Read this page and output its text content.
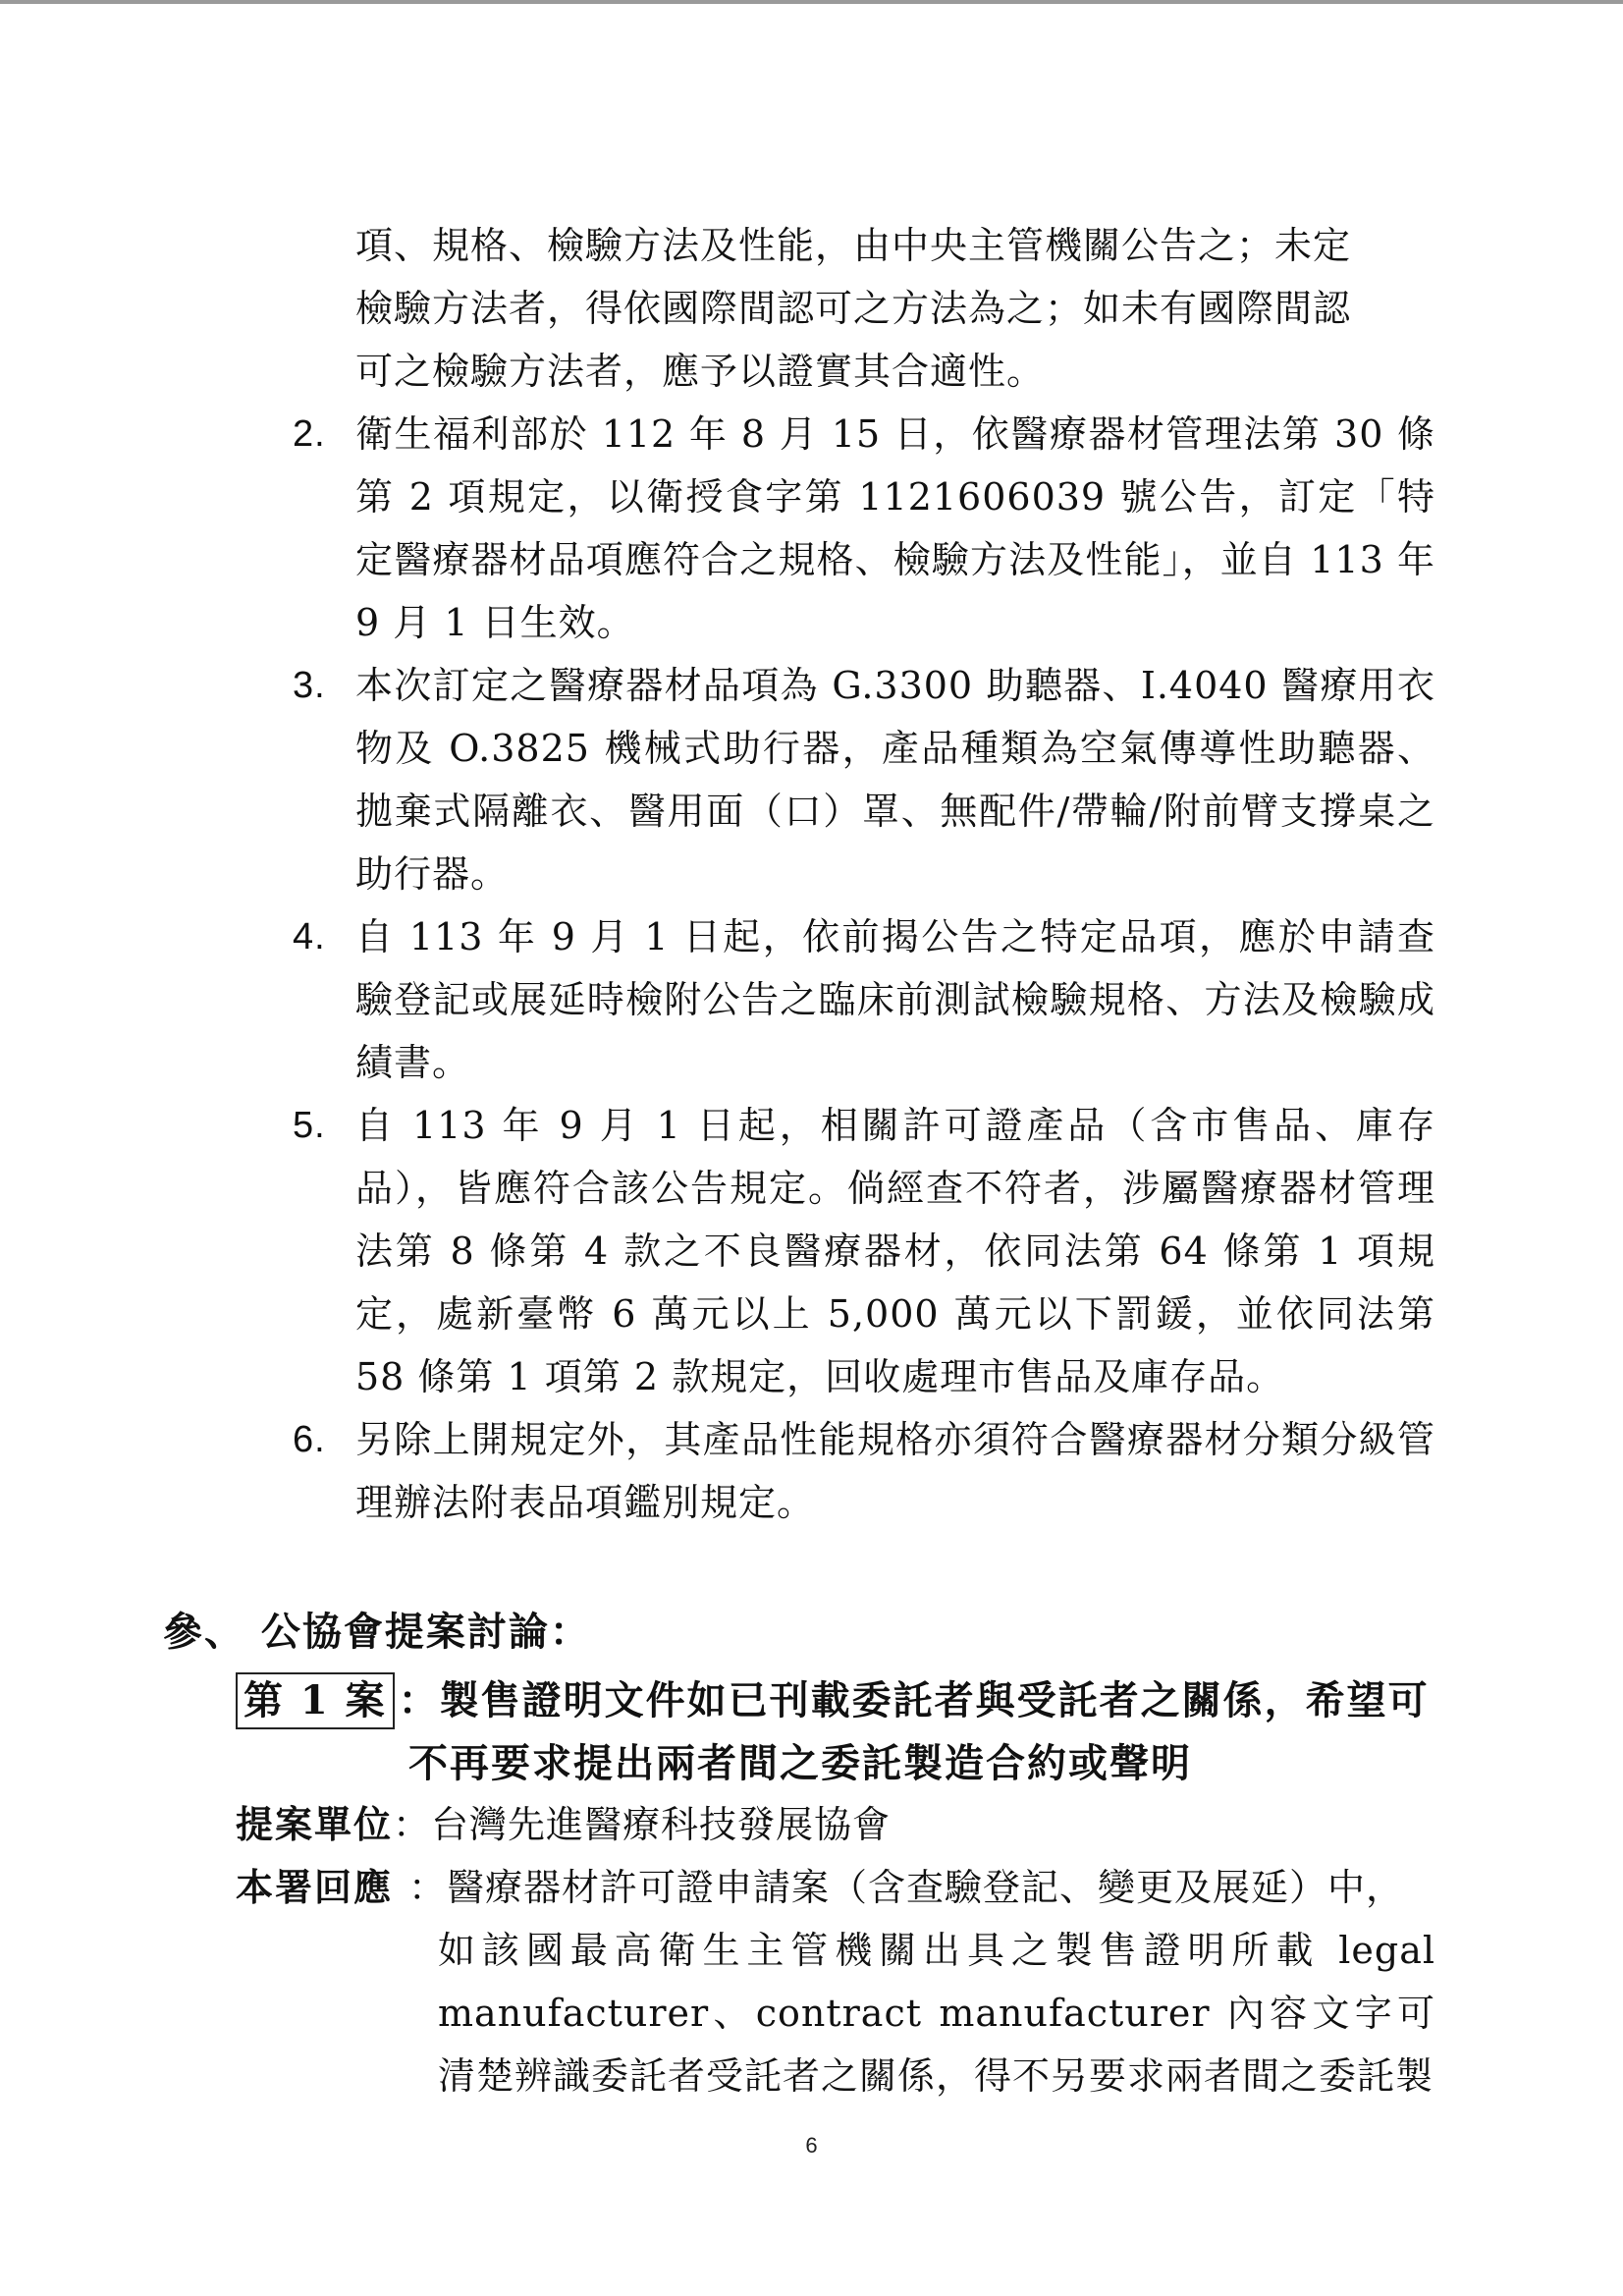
項、規格、檢驗方法及性能，由中央主管機關公告之；未定

檢驗方法者，得依國際間認可之方法為之；如未有國際間認

可之檢驗方法者，應予以證實其合適性。

2. 衛生福利部於 112 年 8 月 15 日，依醫療器材管理法第 30 條第 2 項規定，以衛授食字第 1121606039 號公告，訂定「特定醫療器材品項應符合之規格、檢驗方法及性能」，並自 113 年 9 月 1 日生效。
3. 本次訂定之醫療器材品項為 G.3300 助聽器、I.4040 醫療用衣物及 O.3825 機械式助行器，產品種類為空氣傳導性助聽器、拋棄式隔離衣、醫用面（口）罩、無配件/帶輪/附前臂支撐桌之助行器。
4. 自 113 年 9 月 1 日起，依前揭公告之特定品項，應於申請查驗登記或展延時檢附公告之臨床前測試檢驗規格、方法及檢驗成績書。
5. 自 113 年 9 月 1 日起，相關許可證產品（含市售品、庫存品），皆應符合該公告規定。倘經查不符者，涉屬醫療器材管理法第 8 條第 4 款之不良醫療器材，依同法第 64 條第 1 項規定，處新臺幣 6 萬元以上 5,000 萬元以下罰鍰，並依同法第 58 條第 1 項第 2 款規定，回收處理市售品及庫存品。
6. 另除上開規定外，其產品性能規格亦須符合醫療器材分類分級管理辦法附表品項鑑別規定。
參、 公協會提案討論：
第 1 案 ：製售證明文件如已刊載委託者與受託者之關係，希望可
不再要求提出兩者間之委託製造合約或聲明
提案單位：台灣先進醫療科技發展協會
本署回應 ：醫療器材許可證申請案（含查驗登記、變更及展延）中，
如該國最高衛生主管機關出具之製售證明所載 legal manufacturer、contract manufacturer 內容文字可清楚辨識委託者受託者之關係，得不另要求兩者間之委託製
6
